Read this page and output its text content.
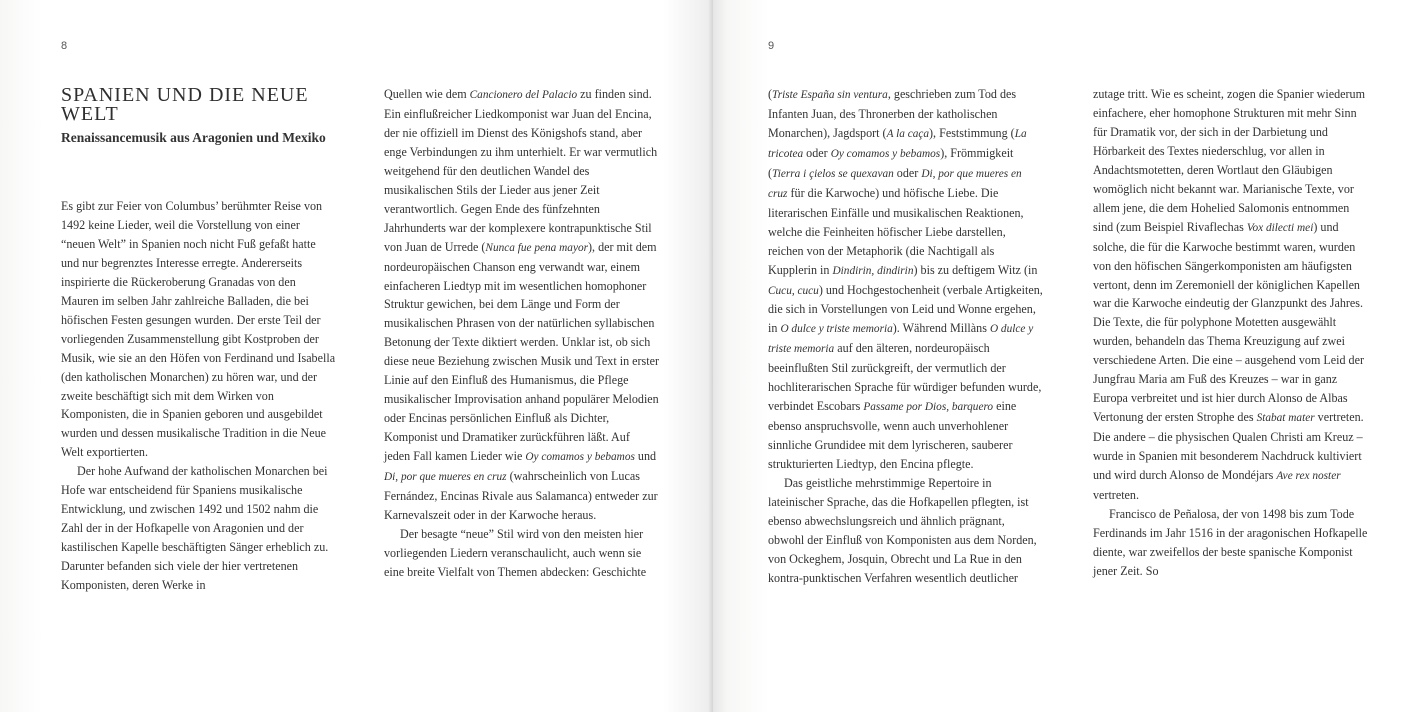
8
SPANIEN UND DIE NEUE WELT
Renaissancemusik aus Aragonien und Mexiko

Es gibt zur Feier von Columbus’ berühmter Reise von 1492 keine Lieder, weil die Vorstellung von einer “neuen Welt” in Spanien noch nicht Fuß gefaßt hatte und nur begrenztes Interesse erregte. Andererseits inspirierte die Rückeroberung Granadas von den Mauren im selben Jahr zahlreiche Balladen, die bei höfischen Festen gesungen wurden. Der erste Teil der vorliegenden Zusammenstellung gibt Kostproben der Musik, wie sie an den Höfen von Ferdinand und Isabella (den katholischen Monarchen) zu hören war, und der zweite beschäftigt sich mit dem Wirken von Komponisten, die in Spanien geboren und ausgebildet wurden und dessen musikalische Tradition in die Neue Welt exportierten.

Der hohe Aufwand der katholischen Monarchen bei Hofe war entscheidend für Spaniens musikalische Entwicklung, und zwischen 1492 und 1502 nahm die Zahl der in der Hofkapelle von Aragonien und der kastilischen Kapelle beschäftigten Sänger erheblich zu. Darunter befanden sich viele der hier vertretenen Komponisten, deren Werke in

Quellen wie dem Cancionero del Palacio zu finden sind. Ein einflußreicher Liedkomponist war Juan del Encina, der nie offiziell im Dienst des Königshofs stand, aber enge Verbindungen zu ihm unterhielt. Er war vermutlich weitgehend für den deutlichen Wandel des musikalischen Stils der Lieder aus jener Zeit verantwortlich. Gegen Ende des fünfzehnten Jahrhunderts war der komplexere kontrapunktische Stil von Juan de Urrede (Nunca fue pena mayor), der mit dem nordeuropäischen Chanson eng verwandt war, einem einfacheren Liedtyp mit im wesentlichen homophoner Struktur gewichen, bei dem Länge und Form der musikalischen Phrasen von der natürlichen syllabischen Betonung der Texte diktiert werden. Unklar ist, ob sich diese neue Beziehung zwischen Musik und Text in erster Linie auf den Einfluß des Humanismus, die Pflege musikalischer Improvisation anhand populärer Melodien oder Encinas persönlichen Einfluß als Dichter, Komponist und Dramatiker zurückführen läßt. Auf jeden Fall kamen Lieder wie Oy comamos y bebamos und Di, por que mueres en cruz (wahrscheinlich von Lucas Fernández, Encinas Rivale aus Salamanca) entweder zur Karnevalszeit oder in der Karwoche heraus.

Der besagte “neue” Stil wird von den meisten hier vorliegenden Liedern veranschaulicht, auch wenn sie eine breite Vielfalt von Themen abdecken: Geschichte

9

(Triste España sin ventura, geschrieben zum Tod des Infanten Juan, des Thronerben der katholischen Monarchen), Jagdsport (A la caça), Feststimmung (La tricotea oder Oy comamos y bebamos), Frömmigkeit (Tierra i çielos se quexavan oder Di, por que mueres en cruz für die Karwoche) und höfische Liebe. Die literarischen Einfälle und musikalischen Reaktionen, welche die Feinheiten höfischer Liebe darstellen, reichen von der Metaphorik (die Nachtigall als Kupplerin in Dindirin, dindirin) bis zu deftigem Witz (in Cucu, cucu) und Hochgestochenheit (verbale Artigkeiten, die sich in Vorstellungen von Leid und Wonne ergehen, in O dulce y triste memoria). Während Millàns O dulce y triste memoria auf den älteren, nordeuropäisch beeinflußten Stil zurückgreift, der vermutlich der hochliterarischen Sprache für würdiger befunden wurde, verbindet Escobars Passame por Dios, barquero eine ebenso anspruchsvolle, wenn auch unverhohlener sinnliche Grundidee mit dem lyrischeren, sauberer strukturierten Liedtyp, den Encina pflegte.

Das geistliche mehrstimmige Repertoire in lateinischer Sprache, das die Hofkapellen pflegten, ist ebenso abwechslungsreich und ähnlich prägnant, obwohl der Einfluß von Komponisten aus dem Norden, von Ockeghem, Josquin, Obrecht und La Rue in den kontra-punktischen Verfahren wesentlich deutlicher

zutage tritt. Wie es scheint, zogen die Spanier wiederum einfachere, eher homophone Strukturen mit mehr Sinn für Dramatik vor, der sich in der Darbietung und Hörbarkeit des Textes niederschlug, vor allen in Andachtsmotetten, deren Wortlaut den Gläubigen womöglich nicht bekannt war. Marianische Texte, vor allem jene, die dem Hohelied Salomonis entnommen sind (zum Beispiel Rivaflechas Vox dilecti mei) und solche, die für die Karwoche bestimmt waren, wurden von den höfischen Sängerkomponisten am häufigsten vertont, denn im Zeremoniell der königlichen Kapellen war die Karwoche eindeutig der Glanzpunkt des Jahres. Die Texte, die für polyphone Motetten ausgewählt wurden, behandeln das Thema Kreuzigung auf zwei verschiedene Arten. Die eine – ausgehend vom Leid der Jungfrau Maria am Fuß des Kreuzes – war in ganz Europa verbreitet und ist hier durch Alonso de Albas Vertonung der ersten Strophe des Stabat mater vertreten. Die andere – die physischen Qualen Christi am Kreuz – wurde in Spanien mit besonderem Nachdruck kultiviert und wird durch Alonso de Mondéjars Ave rex noster vertreten.

Francisco de Peñalosa, der von 1498 bis zum Tode Ferdinands im Jahr 1516 in der aragonischen Hofkapelle diente, war zweifellos der beste spanische Komponist jener Zeit. So
